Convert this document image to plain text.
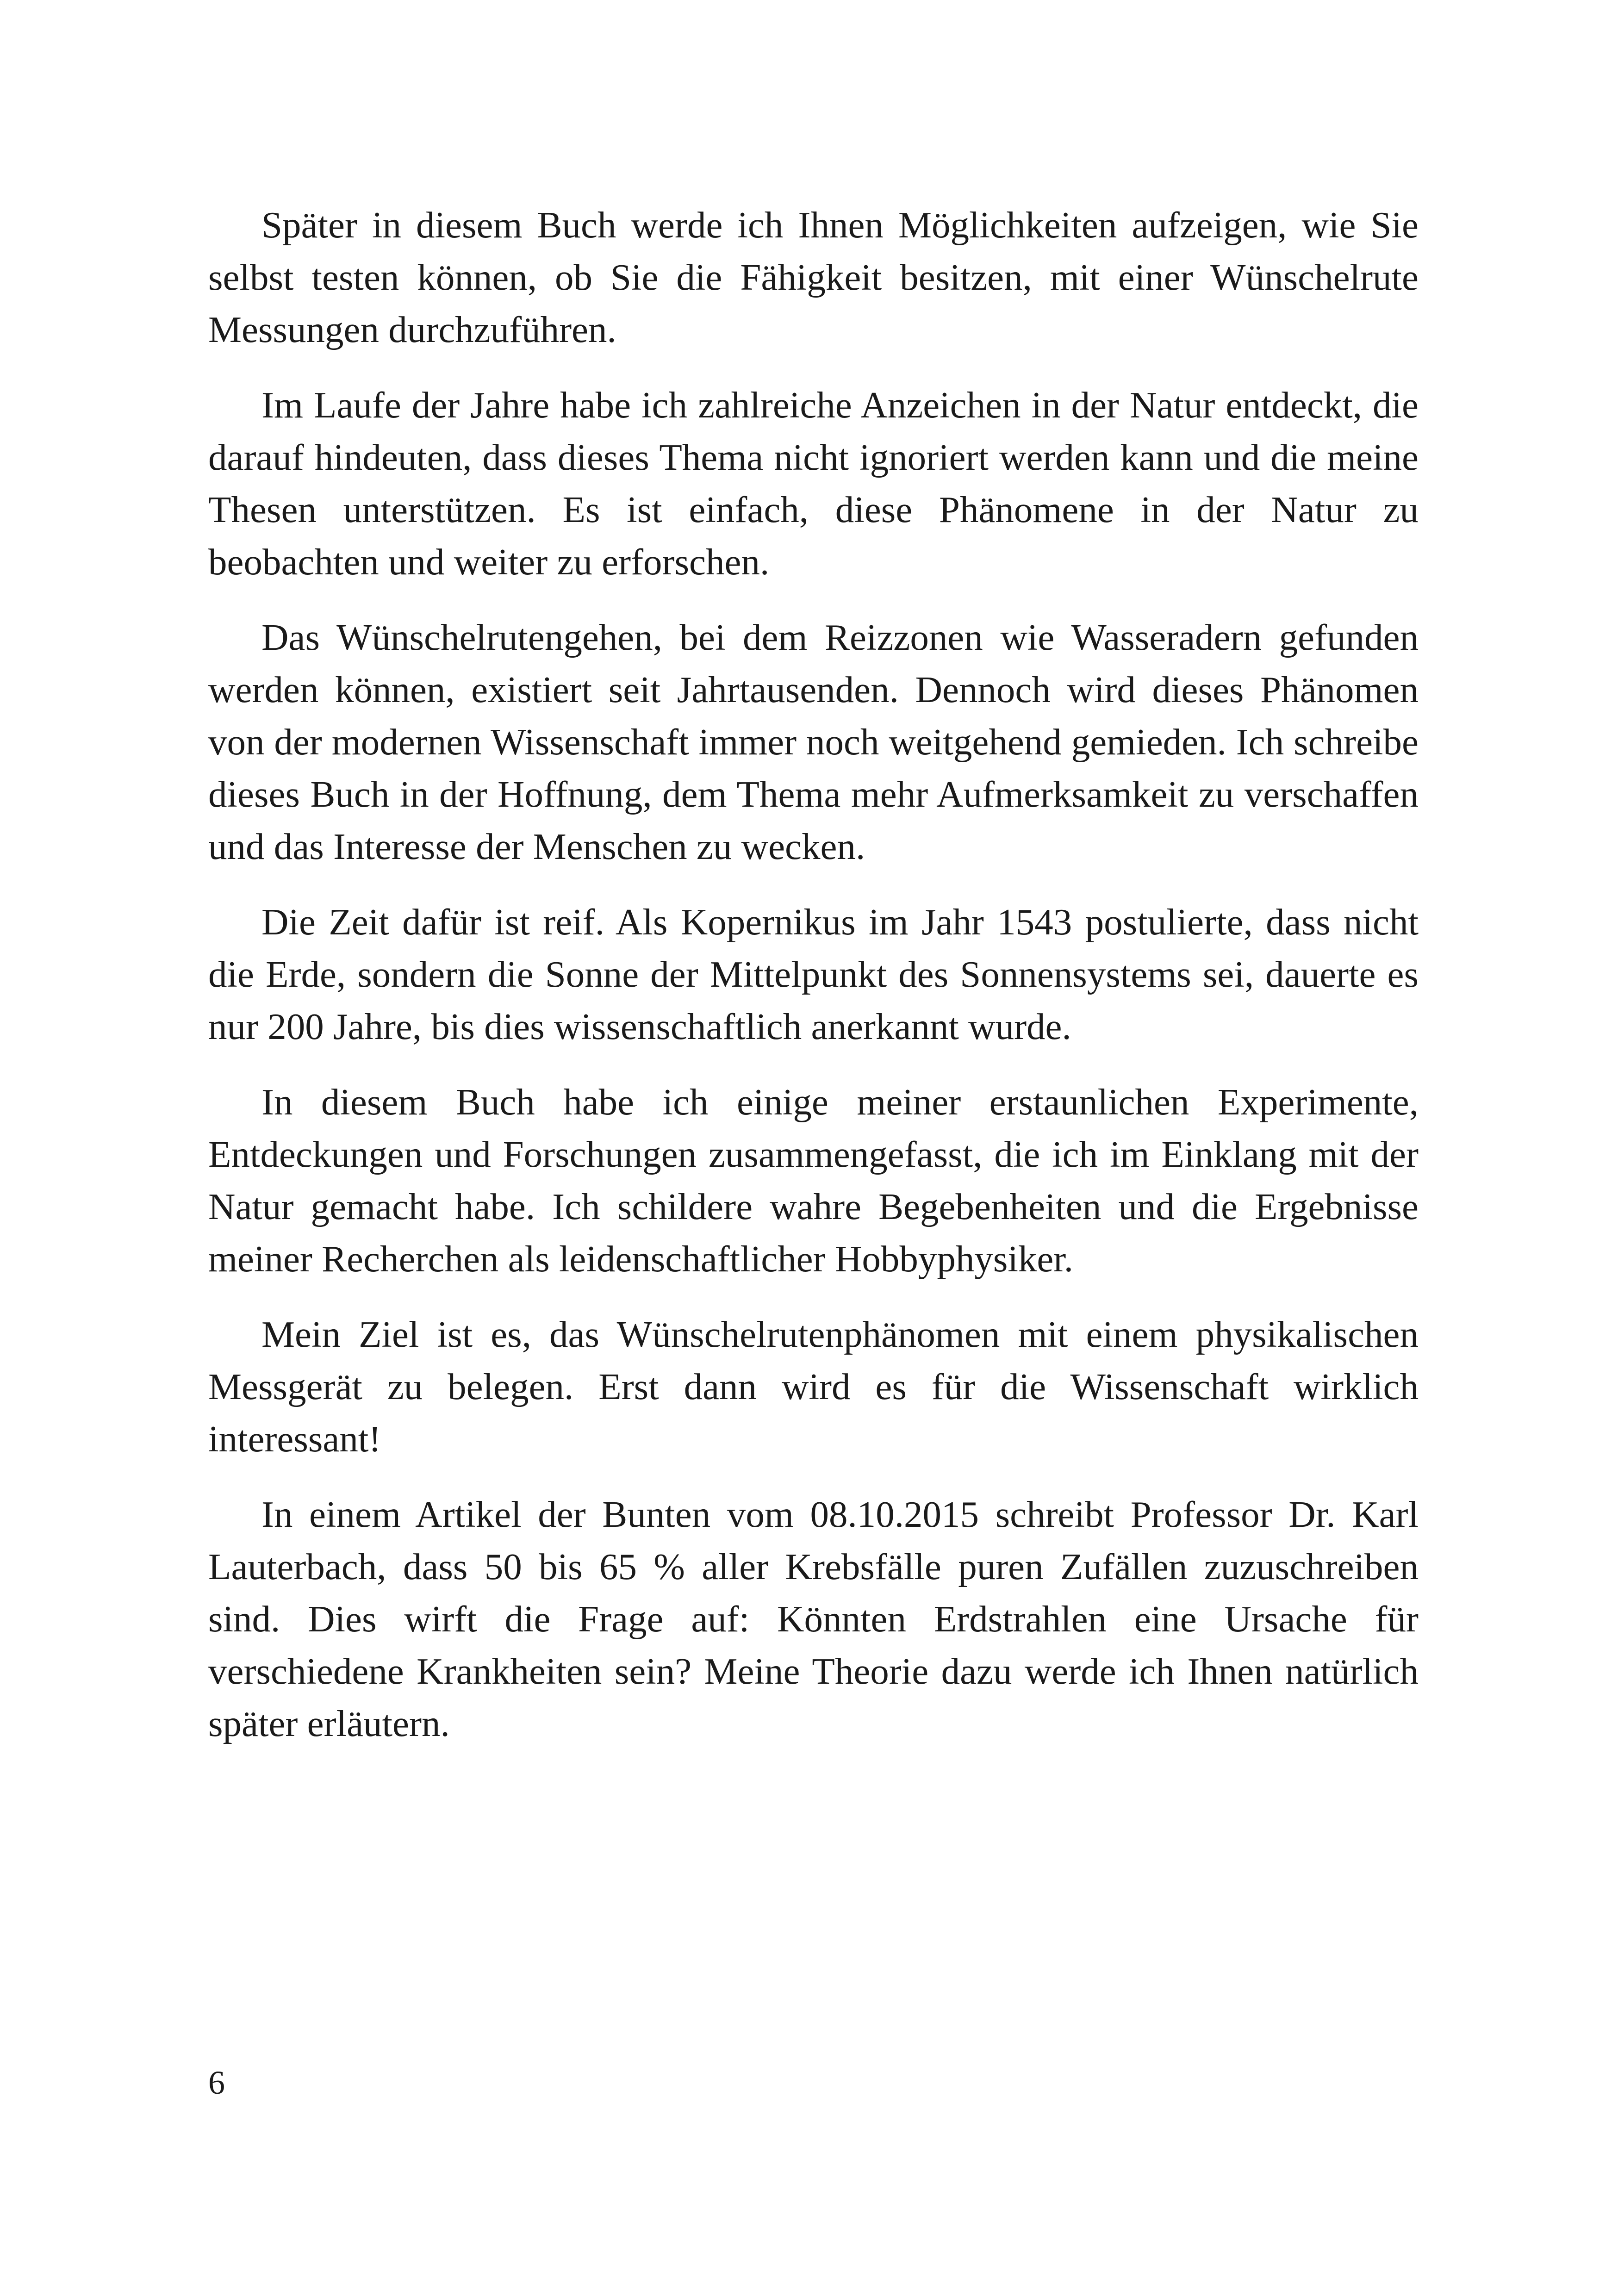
Später in diesem Buch werde ich Ihnen Möglichkeiten aufzeigen, wie Sie selbst testen können, ob Sie die Fähigkeit besitzen, mit einer Wünschelrute Messungen durchzuführen.

Im Laufe der Jahre habe ich zahlreiche Anzeichen in der Natur entdeckt, die darauf hindeuten, dass dieses Thema nicht ignoriert werden kann und die meine Thesen unterstützen. Es ist einfach, diese Phänomene in der Natur zu beobachten und weiter zu erforschen.

Das Wünschelrutengehen, bei dem Reizzonen wie Wasseradern gefunden werden können, existiert seit Jahrtausenden. Dennoch wird dieses Phänomen von der modernen Wissenschaft immer noch weitgehend gemieden. Ich schreibe dieses Buch in der Hoffnung, dem Thema mehr Aufmerksamkeit zu verschaffen und das Interesse der Menschen zu wecken.

Die Zeit dafür ist reif. Als Kopernikus im Jahr 1543 postulierte, dass nicht die Erde, sondern die Sonne der Mittelpunkt des Sonnensystems sei, dauerte es nur 200 Jahre, bis dies wissenschaftlich anerkannt wurde.

In diesem Buch habe ich einige meiner erstaunlichen Experimente, Entdeckungen und Forschungen zusammengefasst, die ich im Einklang mit der Natur gemacht habe. Ich schildere wahre Begebenheiten und die Ergebnisse meiner Recherchen als leidenschaftlicher Hobbyphysiker.

Mein Ziel ist es, das Wünschelrutenphänomen mit einem physikalischen Messgerät zu belegen. Erst dann wird es für die Wissenschaft wirklich interessant!

In einem Artikel der Bunten vom 08.10.2015 schreibt Professor Dr. Karl Lauterbach, dass 50 bis 65 % aller Krebsfälle puren Zufällen zuzuschreiben sind. Dies wirft die Frage auf: Könnten Erdstrahlen eine Ursache für verschiedene Krankheiten sein? Meine Theorie dazu werde ich Ihnen natürlich später erläutern.

6
